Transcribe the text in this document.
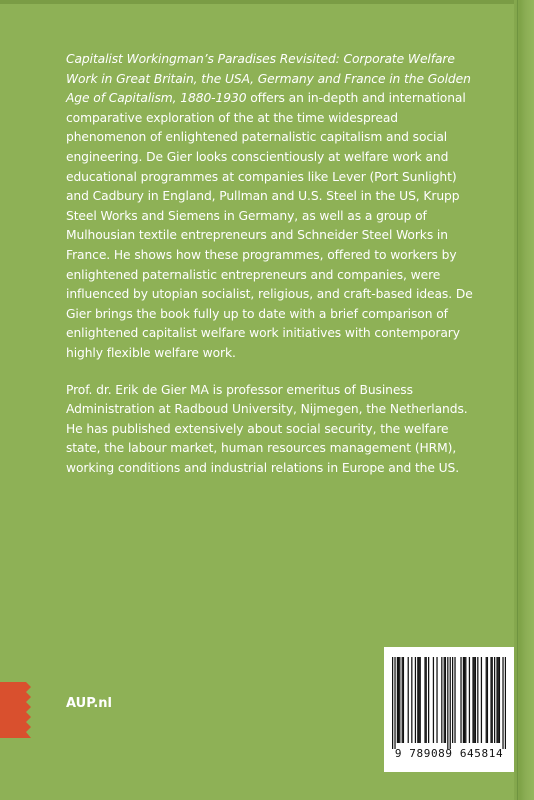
Capitalist Workingman’s Paradises Revisited: Corporate Welfare Work in Great Britain, the USA, Germany and France in the Golden Age of Capitalism, 1880-1930 offers an in-depth and international comparative exploration of the at the time widespread phenomenon of enlightened paternalistic capitalism and social engineering. De Gier looks conscientiously at welfare work and educational programmes at companies like Lever (Port Sunlight) and Cadbury in England, Pullman and U.S. Steel in the US, Krupp Steel Works and Siemens in Germany, as well as a group of Mulhousian textile entrepreneurs and Schneider Steel Works in France. He shows how these programmes, offered to workers by enlightened paternalistic entrepreneurs and companies, were influenced by utopian socialist, religious, and craft-based ideas. De Gier brings the book fully up to date with a brief comparison of enlightened capitalist welfare work initiatives with contemporary highly flexible welfare work.

Prof. dr. Erik de Gier MA is professor emeritus of Business Administration at Radboud University, Nijmegen, the Netherlands. He has published extensively about social security, the welfare state, the labour market, human resources management (HRM), working conditions and industrial relations in Europe and the US.

AUP.nl
9 789089 645814
